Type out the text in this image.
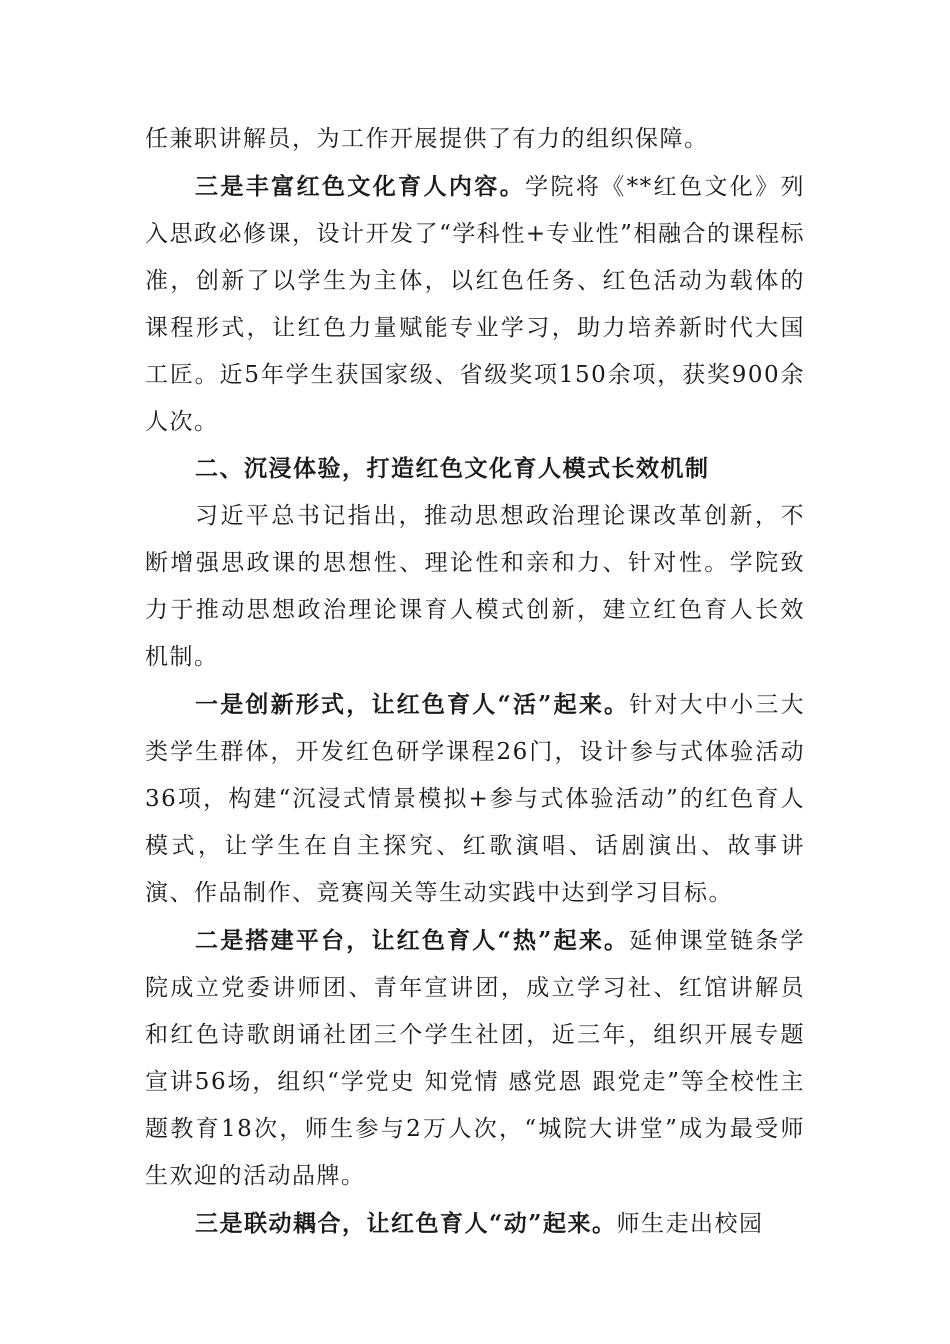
任兼职讲解员，为工作开展提供了有力的组织保障。

三是丰富红色文化育人内容。学院将《**红色文化》列入思政必修课，设计开发了“学科性+专业性”相融合的课程标准，创新了以学生为主体，以红色任务、红色活动为载体的课程形式，让红色力量赋能专业学习，助力培养新时代大国工匠。近5年学生获国家级、省级奖项150余项，获奖900余人次。

二、沉浸体验，打造红色文化育人模式长效机制

习近平总书记指出，推动思想政治理论课改革创新，不断增强思政课的思想性、理论性和亲和力、针对性。学院致力于推动思想政治理论课育人模式创新，建立红色育人长效机制。

一是创新形式，让红色育人“活”起来。针对大中小三大类学生群体，开发红色研学课程26门，设计参与式体验活动36项，构建“沉浸式情景模拟+参与式体验活动”的红色育人模式，让学生在自主探究、红歌演唱、话剧演出、故事讲演、作品制作、竞赛闯关等生动实践中达到学习目标。

二是搭建平台，让红色育人“热”起来。延伸课堂链条学院成立党委讲师团、青年宣讲团，成立学习社、红馆讲解员和红色诗歌朗诵社团三个学生社团，近三年，组织开展专题宣讲56场，组织“学党史 知党情 感党恩 跟党走”等全校性主题教育18次，师生参与2万人次，“城院大讲堂”成为最受师生欢迎的活动品牌。

三是联动耦合，让红色育人“动”起来。师生走出校园
